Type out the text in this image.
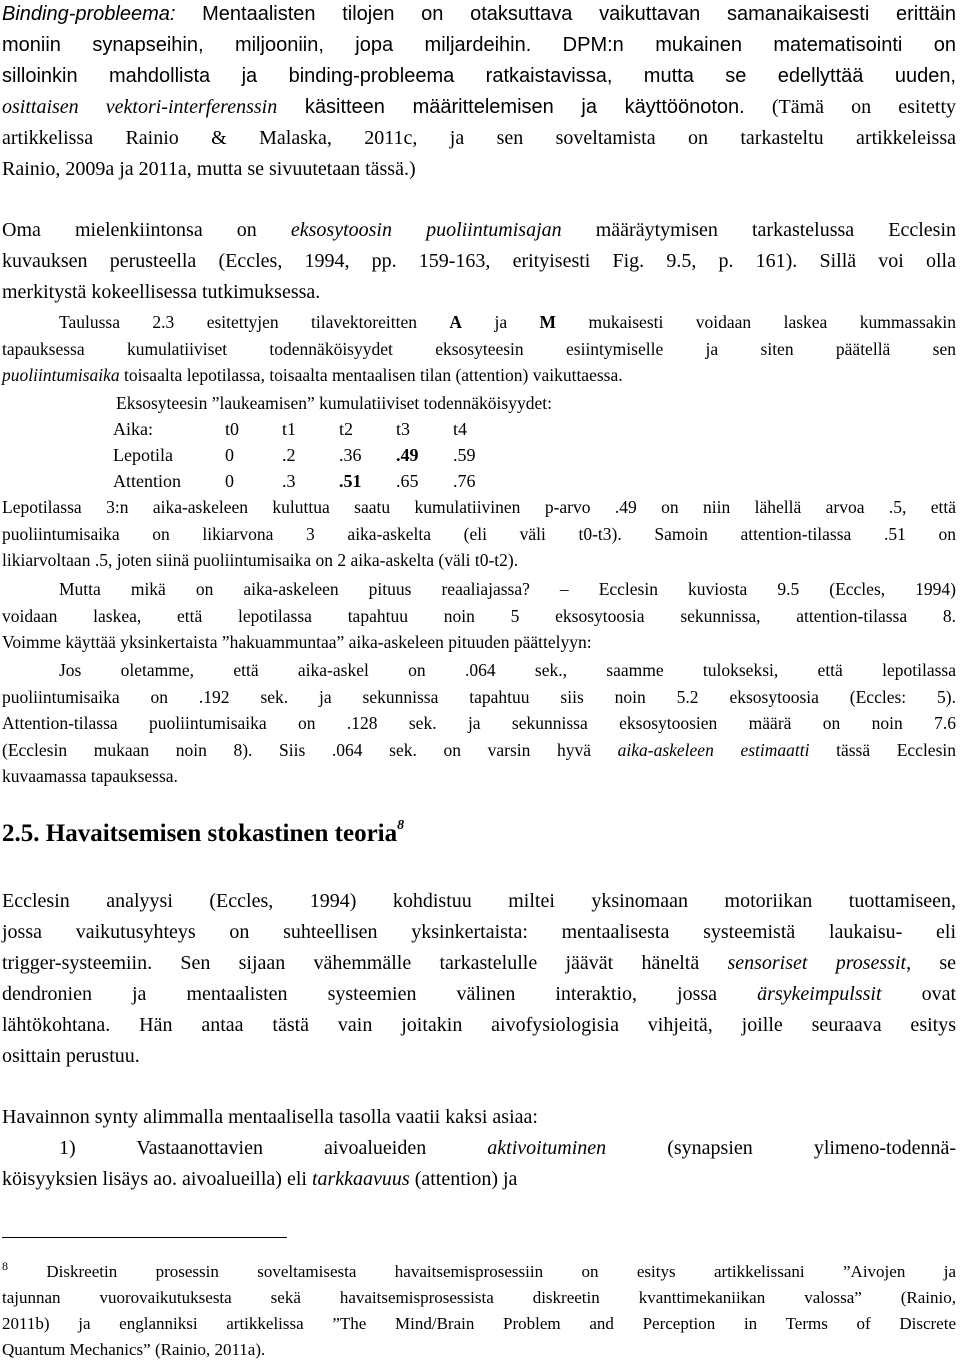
Binding-probleema: Mentaalisten tilojen on otaksuttava vaikuttavan samanaikaisesti erittäin
moniin synapseihin, miljooniin, jopa miljardeihin. DPM:n mukainen matematisointi on
silloinkin mahdollista ja binding-probleema ratkaistavissa, mutta se edellyttää uuden,
osittaisen vektori-interferenssin käsitteen määrittelemisen ja käyttöönoton. (Tämä on esitetty
artikkelissa Rainio & Malaska, 2011c, ja sen soveltamista on tarkasteltu artikkeleissa
Rainio, 2009a ja 2011a, mutta se sivuutetaan tässä.)
Oma mielenkiintonsa on eksosytoosin puoliintumisajan määräytymisen tarkastelussa Ecclesin
kuvauksen perusteella (Eccles, 1994, pp. 159-163, erityisesti Fig. 9.5, p. 161). Sillä voi olla
merkitystä kokeellisessa tutkimuksessa.
Taulussa 2.3 esitettyjen tilavektoreitten A ja M mukaisesti voidaan laskea kummassakin
tapauksessa kumulatiiviset todennäköisyydet eksosyteesin esiintymiselle ja siten päätellä sen
puoliintumisaika toisaalta lepotilassa, toisaalta mentaalisen tilan (attention) vaikuttaessa.
Eksosyteesin ”laukeamisen” kumulatiiviset todennäköisyydet:
Aika:	t0	t1	t2	t3	t4
Lepotila	0	.2	.36	.49	.59
Attention	0	.3	.51	.65	.76
Lepotilassa 3:n aika-askeleen kuluttua saatu kumulatiivinen p-arvo .49 on niin lähellä arvoa .5, että
puoliintumisaika on likiarvona 3 aika-askelta (eli väli t0-t3). Samoin attention-tilassa .51 on
likiarvoltaan .5, joten siinä puoliintumisaika on 2 aika-askelta (väli t0-t2).
Mutta mikä on aika-askeleen pituus reaaliajassa? – Ecclesin kuviosta 9.5 (Eccles, 1994)
voidaan laskea, että lepotilassa tapahtuu noin 5 eksosytoosia sekunnissa, attention-tilassa 8.
Voimme käyttää yksinkertaista ”hakuammuntaa” aika-askeleen pituuden päättelyyn:
Jos oletamme, että aika-askel on .064 sek., saamme tulokseksi, että lepotilassa
puoliintumisaika on .192 sek. ja sekunnissa tapahtuu siis noin 5.2 eksosytoosia (Eccles: 5).
Attention-tilassa puoliintumisaika on .128 sek. ja sekunnissa eksosytoosien määrä on noin 7.6
(Ecclesin mukaan noin 8). Siis .064 sek. on varsin hyvä aika-askeleen estimaatti tässä Ecclesin
kuvaamassa tapauksessa.
2.5. Havaitsemisen stokastinen teoria$^8$
Ecclesin analyysi (Eccles, 1994) kohdistuu miltei yksinomaan motoriikan tuottamiseen,
jossa vaikutusyhteys on suhteellisen yksinkertaista: mentaalisesta systeemistä laukaisu- eli
trigger-systeemiin. Sen sijaan vähemmälle tarkastelulle jäävät häneltä sensoriset prosessit, se
dendronien ja mentaalisten systeemien välinen interaktio, jossa ärsykeimpulssit ovat
lähtökohtana. Hän antaa tästä vain joitakin aivofysiologisia vihjeitä, joille seuraava esitys
osittain perustuu.
Havainnon synty alimmalla mentaalisella tasolla vaatii kaksi asiaa:
1) Vastaanottavien aivoalueiden aktivoituminen (synapsien ylimeno-todennä-
köisyyksien lisäys ao. aivoalueilla) eli tarkkaavuus (attention) ja
$^8$ Diskreetin prosessin soveltamisesta havaitsemisprosessiin on esitys artikkelissani ”Aivojen ja
tajunnan vuorovaikutuksesta sekä havaitsemisprosessista diskreetin kvanttimekaniikan valossa” (Rainio,
2011b) ja englanniksi artikkelissa ”The Mind/Brain Problem and Perception in Terms of Discrete
Quantum Mechanics” (Rainio, 2011a).
